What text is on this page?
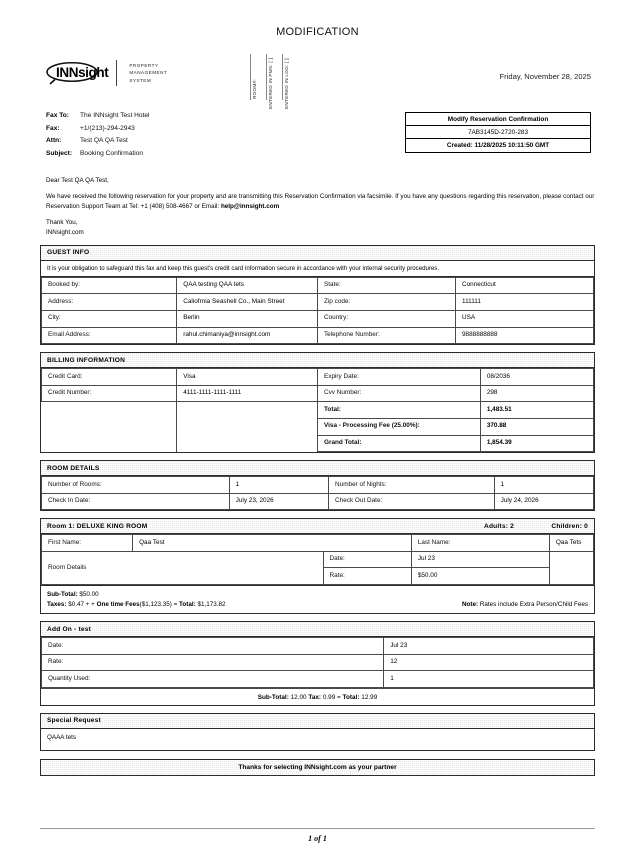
MODIFICATION
INNsight	PROPERTY
MANAGEMENT
SYSTEM	ENTERED IN LOG: [ ]
ENTERED IN PMS: [ ]
ROOM#:
Friday, November 28, 2025
Fax To:	The INNsight Test Hotel
Fax:	+1/(213)-294-2943
Attn:	Test QA QA Test
Subject:	Booking Confirmation
Modify Reservation Confirmation
7AB3145D-2720-283
Created: 11/28/2025 10:11:50 GMT

Dear Test QA QA Test,

We have received the following reservation for your property and are transmitting this Reservation Confirmation via facsimile. If you have any questions regarding this reservation, please contact our Reservation Support Team at Tel: +1 (408) 508-4667 or Email: help@innsight.com

Thank You,
INNsight.com

GUEST INFO
It is your obligation to safeguard this fax and keep this guest's credit card information secure in accordance with your internal security procedures.
Booked by:	QAA testing QAA tets	State:	Connecticut
Address:	Caliofrnia Seashell Co., Main Street	Zip code:	111111
City:	Berlin	Country:	USA
Email Address:	rahul.chimaniya@innsight.com	Telephone Number:	9888888888
BILLING INFORMATION
Credit Card:	Visa	Expiry Date:	08/2036
Credit Number:	4111-1111-1111-1111	Cvv Number:	298
		Total:	1,483.51
		Visa - Processing Fee (25.00%):	370.88
		Grand Total:	1,854.39
ROOM DETAILS
Number of Rooms:	1	Number of Nights:	1
Check In Date:	July 23, 2026	Check Out Date:	July 24, 2026
Room 1: DELUXE KING ROOM	Adults: 2	Children: 0
First Name:	Qaa Test		Last Name:	Qaa Tets
Room Details		Date:	Jul 23	
		Rate:	$50.00	
Sub-Total: $50.00
Taxes: $0.47 + + One time Fees($1,123.35) = Total: $1,173.82	Note: Rates include Extra Person/Child Fees
Add On - test
Date:	Jul 23
Rate:	12
Quantity Used:	1
Sub-Total: 12.00 Tax: 0.99 = Total: 12.99
Special Request
QAAA tets
Thanks for selecting INNsight.com as your partner
1 of 1
